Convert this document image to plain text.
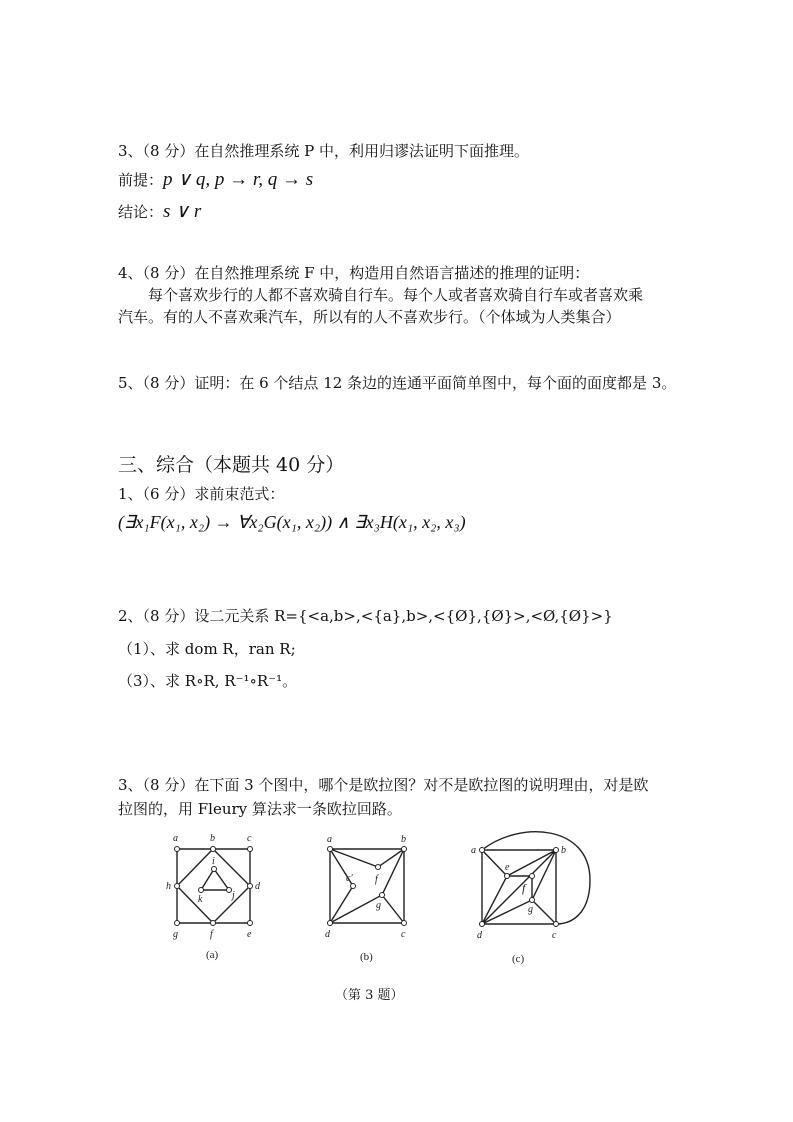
3、（8 分）在自然推理系统 P 中，利用归谬法证明下面推理。
前提：p ∨ q, p → r, q → s
结论：s ∨ r
4、（8 分）在自然推理系统 F 中，构造用自然语言描述的推理的证明：
每个喜欢步行的人都不喜欢骑自行车。每个人或者喜欢骑自行车或者喜欢乘
汽车。有的人不喜欢乘汽车，所以有的人不喜欢步行。（个体域为人类集合）
5、（8 分）证明：在 6 个结点 12 条边的连通平面简单图中，每个面的面度都是 3。
三、综合（本题共 40 分）
1、（6 分）求前束范式：
(∃x₁F(x₁, x₂) → ∀x₂G(x₁, x₂)) ∧ ∃x₃H(x₁, x₂, x₃)
2、（8 分）设二元关系 R={<a,b>,<{a},b>,<{Ø},{Ø}>,<Ø,{Ø}>}
（1）、求 dom R，ran R;
（3）、求 R∘R, R⁻¹∘R⁻¹。
3、（8 分）在下面 3 个图中，哪个是欧拉图？对不是欧拉图的说明理由，对是欧
拉图的，用 Fleury 算法求一条欧拉回路。
a	b	c
h	d
g	f	e
i
k	j
(a)
a	b
c' f
g
d	c
(b)
a	b
e
f
g
d	c
(c)
（第 3 题）
